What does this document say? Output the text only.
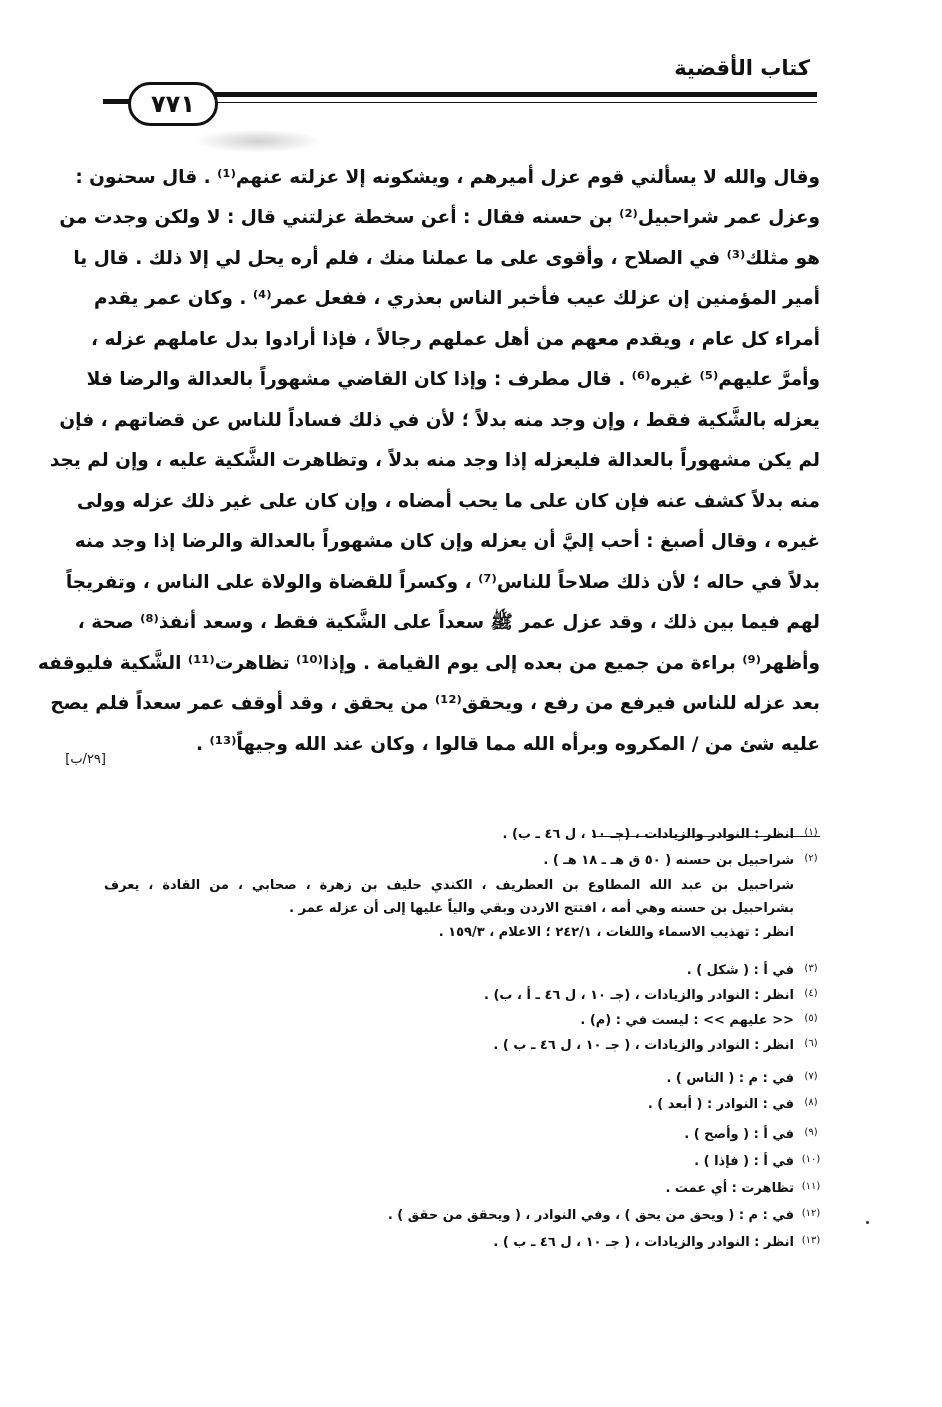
كتاب الأقضية
٧٧١
وقال والله لا يسألني قوم عزل أميرهم ، ويشكونه إلا عزلته عنهم⁽¹⁾ . قال سحنون :
وعزل عمر شراحبيل⁽²⁾ بن حسنه فقال : أعن سخطة عزلتني قال : لا ولكن وجدت من
هو مثلك⁽³⁾ في الصلاح ، وأقوى على ما عملنا منك ، فلم أره يحل لي إلا ذلك . قال يا
أمير المؤمنين إن عزلك عيب فأخبر الناس بعذري ، ففعل عمر⁽⁴⁾ . وكان عمر يقدم
أمراء كل عام ، ويقدم معهم من أهل عملهم رجالاً ، فإذا أرادوا بدل عاملهم عزله ،
وأمرَّ عليهم⁽⁵⁾ غيره⁽⁶⁾ . قال مطرف : وإذا كان القاضي مشهوراً بالعدالة والرضا فلا
يعزله بالشَّكية فقط ، وإن وجد منه بدلاً ؛ لأن في ذلك فساداً للناس عن قضاتهم ، فإن
لم يكن مشهوراً بالعدالة فليعزله إذا وجد منه بدلاً ، وتظاهرت الشَّكية عليه ، وإن لم يجد
منه بدلاً كشف عنه فإن كان على ما يحب أمضاه ، وإن كان على غير ذلك عزله وولى
غيره ، وقال أصبغ : أحب إليَّ أن يعزله وإن كان مشهوراً بالعدالة والرضا إذا وجد منه
بدلاً في حاله ؛ لأن ذلك صلاحاً للناس⁽⁷⁾ ، وكسراً للقضاة والولاة على الناس ، وتفريجاً
لهم فيما بين ذلك ، وقد عزل عمر ﷺ سعداً على الشَّكية فقط ، وسعد أنفذ⁽⁸⁾ صحة ،
وأظهر⁽⁹⁾ براءة من جميع من بعده إلى يوم القيامة . وإذا⁽¹⁰⁾ تظاهرت⁽¹¹⁾ الشَّكية فليوقفه
بعد عزله للناس فيرفع من رفع ، ويحقق⁽¹²⁾ من يحقق ، وقد أوقف عمر سعداً فلم يصح
عليه شئ من / المكروه وبرأه الله مما قالوا ، وكان عند الله وجيهاً⁽¹³⁾ .
[٢٩/ب]
(١)
انظر : النوادر والزيادات ، (جـ ١٠ ، ل ٤٦ ـ ب) .
(٢)
شراحبيل بن حسنه ( ٥٠ ق هـ ـ ١٨ هـ ) .
شراحبيل بن عبد الله المطاوع بن العطريف ، الكندي حليف بن زهرة ، صحابي ، من القادة ، يعرف
بشراحبيل بن حسنه وهي أمه ، افتتح الاردن وبقي والياً عليها إلى أن عزله عمر .
انظر : تهذيب الاسماء واللغات ، ٢٤٢/١ ؛ الاعلام ، ١٥٩/٣ .
(٣)
في أ : ( شكل ) .
(٤)
انظر : النوادر والزيادات ، (جـ ١٠ ، ل ٤٦ ـ أ ، ب) .
(٥)
<< عليهم >> : ليست في : (م) .
(٦)
انظر : النوادر والزيادات ، ( جـ ١٠ ، ل ٤٦ ـ ب ) .
(٧)
في : م : ( الناس ) .
(٨)
في : النوادر : ( أبعد ) .
(٩)
في أ : ( وأصح ) .
(١٠)
في أ : ( فإذا ) .
(١١)
تظاهرت : أي عمت .
(١٢)
في : م : ( ويحق من يحق ) ، وفي النوادر ، ( ويحقق من حقق ) .
(١٣)
انظر : النوادر والزيادات ، ( جـ ١٠ ، ل ٤٦ ـ ب ) .
